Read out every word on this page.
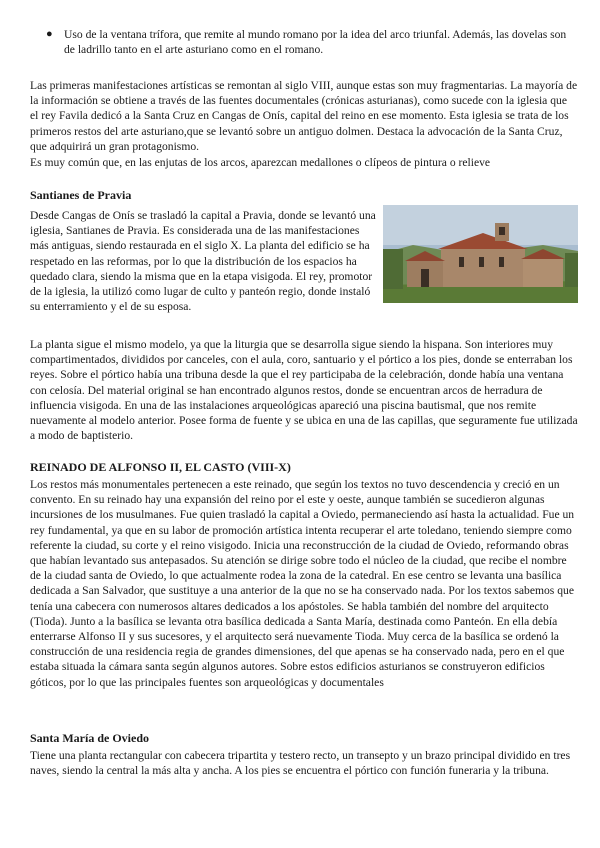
● Uso de la ventana trífora, que remite al mundo romano por la idea del arco triunfal. Además, las dovelas son de ladrillo tanto en el arte asturiano como en el romano.

Las primeras manifestaciones artísticas se remontan al siglo VIII, aunque estas son muy fragmentarias. La mayoría de la información se obtiene a través de las fuentes documentales (crónicas asturianas), como sucede con la iglesia que el rey Favila dedicó a la Santa Cruz en Cangas de Onís, capital del reino en ese momento. Esta iglesia se trata de los primeros restos del arte asturiano,que se levantó sobre un antiguo dolmen. Destaca la advocación de la Santa Cruz, que adquirirá un gran protagonismo.

Es muy común que, en las enjutas de los arcos, aparezcan medallones o clípeos de pintura o relieve

Santianes de Pravia

Desde Cangas de Onís se trasladó la capital a Pravia, donde se levantó una iglesia, Santianes de Pravia. Es considerada una de las manifestaciones más antiguas, siendo restaurada en el siglo X. La planta del edificio se ha respetado en las reformas, por lo que la distribución de los espacios ha quedado clara, siendo la misma que en la etapa visigoda. El rey, promotor de la iglesia, la utilizó como lugar de culto y panteón regio, donde instaló su enterramiento y el de su esposa.

La planta sigue el mismo modelo, ya que la liturgia que se desarrolla sigue siendo la hispana. Son interiores muy compartimentados, divididos por canceles, con el aula, coro, santuario y el pórtico a los pies, donde se enterraban los reyes. Sobre el pórtico había una tribuna desde la que el rey participaba de la celebración, donde había una ventana con celosía. Del material original se han encontrado algunos restos, donde se encuentran arcos de herradura de influencia visigoda. En una de las instalaciones arqueológicas apareció una piscina bautismal, que nos remite nuevamente al modelo anterior. Posee forma de fuente y se ubica en una de las capillas, que seguramente fue utilizada a modo de baptisterio.

REINADO DE ALFONSO II, EL CASTO (VIII-X)

Los restos más monumentales pertenecen a este reinado, que según los textos no tuvo descendencia y creció en un convento. En su reinado hay una expansión del reino por el este y oeste, aunque también se sucedieron algunas incursiones de los musulmanes. Fue quien trasladó la capital a Oviedo, permaneciendo así hasta la actualidad. Fue un rey fundamental, ya que en su labor de promoción artística intenta recuperar el arte toledano, teniendo siempre como referente la ciudad, su corte y el reino visigodo. Inicia una reconstrucción de la ciudad de Oviedo, reformando obras que habían levantado sus antepasados. Su atención se dirige sobre todo el núcleo de la ciudad, que recibe el nombre de la ciudad santa de Oviedo, lo que actualmente rodea la zona de la catedral. En ese centro se levanta una basílica dedicada a San Salvador, que sustituye a una anterior de la que no se ha conservado nada. Por los textos sabemos que tenía una cabecera con numerosos altares dedicados a los apóstoles. Se habla también del nombre del arquitecto (Tioda). Junto a la basílica se levanta otra basílica dedicada a Santa María, destinada como Panteón. En ella debía enterrarse Alfonso II y sus sucesores, y el arquitecto será nuevamente Tioda. Muy cerca de la basílica se ordenó la construcción de una residencia regia de grandes dimensiones, del que apenas se ha conservado nada, pero en el que estaba situada la cámara santa según algunos autores. Sobre estos edificios asturianos se construyeron edificios góticos, por lo que las principales fuentes son arqueológicas y documentales

Santa María de Oviedo

Tiene una planta rectangular con cabecera tripartita y testero recto, un transepto y un brazo principal dividido en tres naves, siendo la central la más alta y ancha. A los pies se encuentra el pórtico con función funeraria y la tribuna.
